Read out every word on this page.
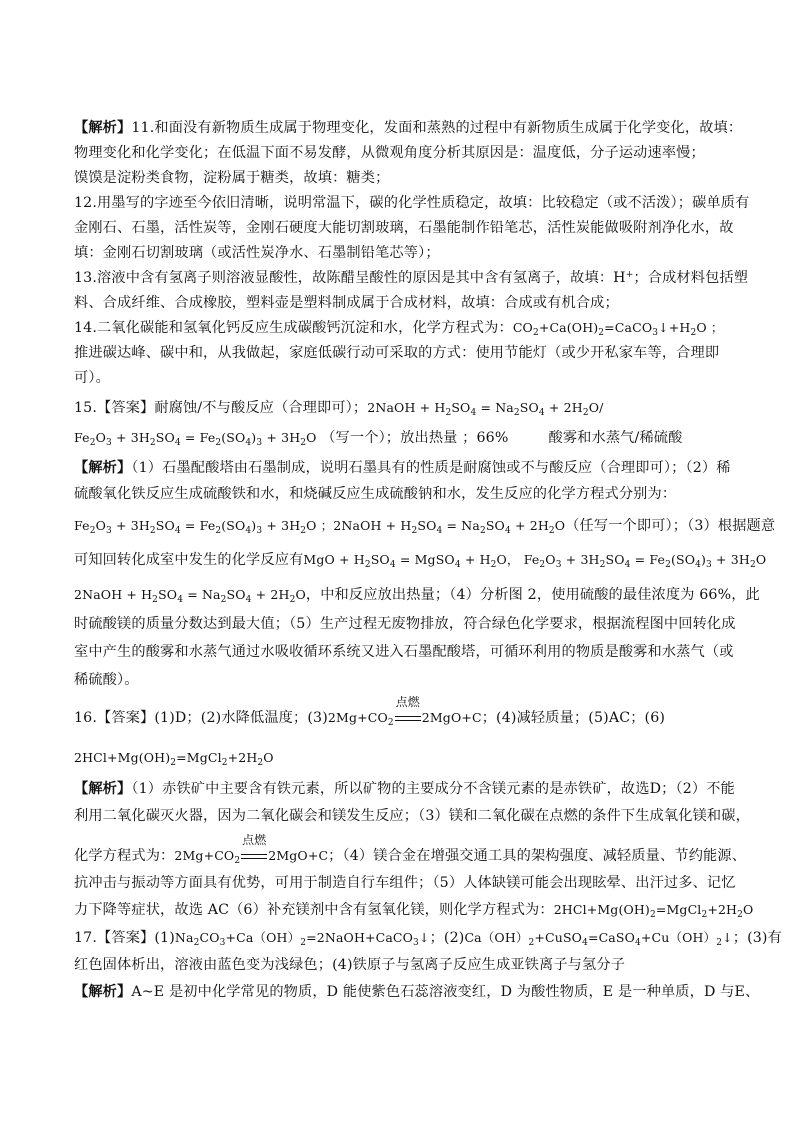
【解析】11.和面没有新物质生成属于物理变化，发面和蒸熟的过程中有新物质生成属于化学变化，故填：
物理变化和化学变化；在低温下面不易发酵，从微观角度分析其原因是：温度低，分子运动速率慢；
馍馍是淀粉类食物，淀粉属于糖类，故填：糖类；
12.用墨写的字迹至今依旧清晰，说明常温下，碳的化学性质稳定，故填：比较稳定（或不活泼）；碳单质有
金刚石、石墨，活性炭等，金刚石硬度大能切割玻璃，石墨能制作铅笔芯，活性炭能做吸附剂净化水，故
填：金刚石切割玻璃（或活性炭净水、石墨制铅笔芯等）；
13.溶液中含有氢离子则溶液显酸性，故陈醋呈酸性的原因是其中含有氢离子，故填：H+；合成材料包括塑
料、合成纤维、合成橡胶，塑料壶是塑料制成属于合成材料，故填：合成或有机合成；
14.二氧化碳能和氢氧化钙反应生成碳酸钙沉淀和水，化学方程式为：$CO_2+Ca(OH)_2=CaCO_3↓+H_2O$ ；
推进碳达峰、碳中和，从我做起，家庭低碳行动可采取的方式：使用节能灯（或少开私家车等，合理即
可）。
15.【答案】耐腐蚀/不与酸反应（合理即可）；2NaOH + $H_2SO_4 = Na_2SO_4 + 2H_2O/$
$Fe_2O_3 + 3H_2SO_4 = Fe_2(SO_4)_3 + 3H_2O$ （写一个）；放出热量 ；66%	酸雾和水蒸气/稀硫酸
【解析】（1）石墨配酸塔由石墨制成，说明石墨具有的性质是耐腐蚀或不与酸反应（合理即可）；（2）稀
硫酸氧化铁反应生成硫酸铁和水，和烧碱反应生成硫酸钠和水，发生反应的化学方程式分别为：
$Fe_2O_3 + 3H_2SO_4 = Fe_2(SO_4)_3 + 3H_2O$ ；2NaOH + $H_2SO_4 = Na_2SO_4 + 2H_2O$（任写一个即可）；（3）根据题意
可知回转化成室中发生的化学反应有MgO + $H_2SO_4$ = MgSO$_4$ + $H_2O$， $Fe_2O_3 + 3H_2SO_4 = Fe_2(SO_4)_3 + 3H_2O$
2NaOH + $H_2SO_4 = Na_2SO_4 + 2H_2O$，中和反应放出热量；（4）分析图 2，使用硫酸的最佳浓度为 66%，此
时硫酸镁的质量分数达到最大值；（5）生产过程无废物排放，符合绿色化学要求，根据流程图中回转化成
室中产生的酸雾和水蒸气通过水吸收循环系统又进入石墨配酸塔，可循环利用的物质是酸雾和水蒸气（或
稀硫酸）。
16.【答案】(1)D；(2)水降低温度；$(3)2Mg+CO_2$
点燃
2MgO+C；(4)减轻质量；(5)AC；(6)
$2HCl+Mg(OH)_2=MgCl_2+2H_2O$
【解析】（1）赤铁矿中主要含有铁元素，所以矿物的主要成分不含镁元素的是赤铁矿，故选D；（2）不能
利用二氧化碳灭火器，因为二氧化碳会和镁发生反应；（3）镁和二氧化碳在点燃的条件下生成氧化镁和碳，
化学方程式为：$2Mg+CO_2$
点燃
2MgO+C；（4）镁合金在增强交通工具的架构强度、减轻质量、节约能源、
抗冲击与振动等方面具有优势，可用于制造自行车组件；（5）人体缺镁可能会出现眩晕、出汗过多、记忆
力下降等症状，故选 AC（6）补充镁剂中含有氢氧化镁，则化学方程式为：$2HCl+Mg(OH)_2=MgCl_2+2H_2O$
17.【答案】$(1)Na_2CO_3+Ca(OH)_2=2NaOH+CaCO_3↓$；$(2)Ca(OH)_2+CuSO_4=CaSO_4+Cu(OH)_2↓$；(3)有
红色固体析出，溶液由蓝色变为浅绿色；(4)铁原子与氢离子反应生成亚铁离子与氢分子
【解析】A~E 是初中化学常见的物质，D 能使紫色石蕊溶液变红，D 为酸性物质，E 是一种单质，D 与E、
